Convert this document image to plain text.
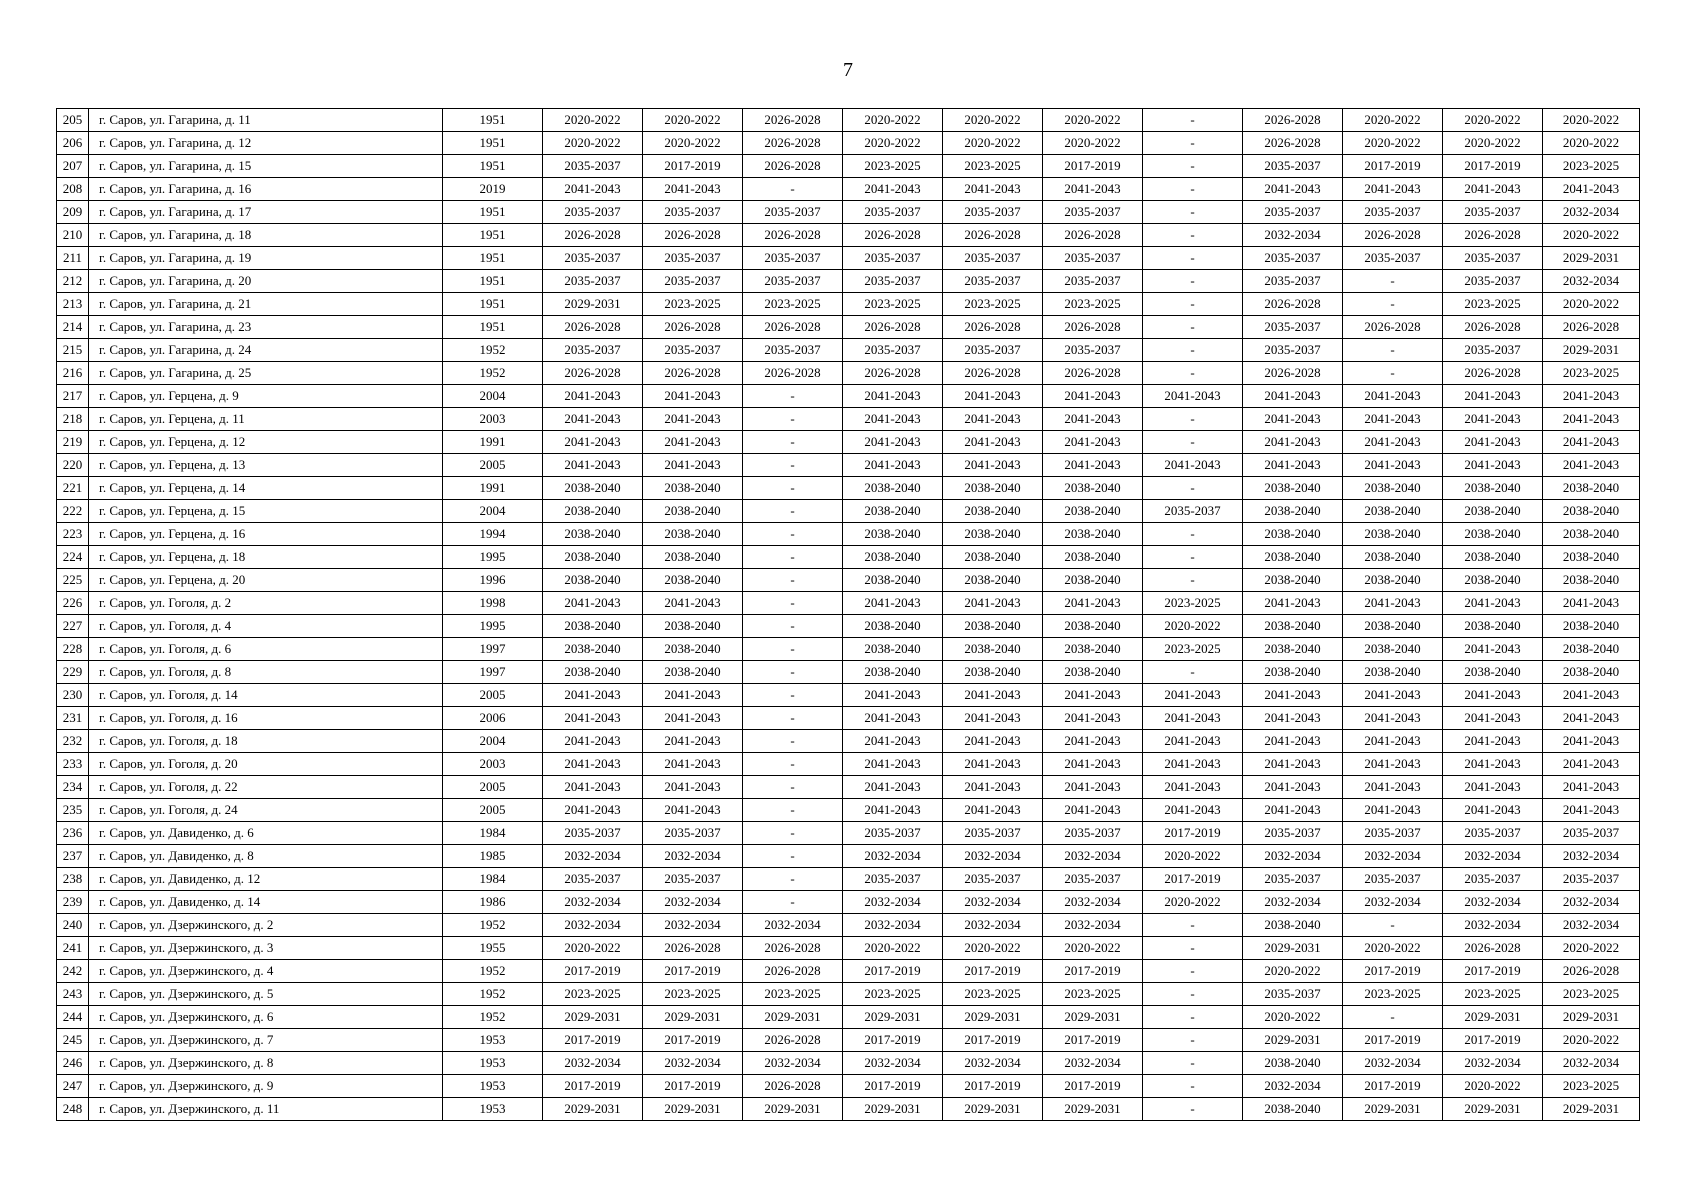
7
205	г. Саров, ул. Гагарина, д. 11	1951	2020-2022	2020-2022	2026-2028	2020-2022	2020-2022	2020-2022	-	2026-2028	2020-2022	2020-2022	2020-2022
206	г. Саров, ул. Гагарина, д. 12	1951	2020-2022	2020-2022	2026-2028	2020-2022	2020-2022	2020-2022	-	2026-2028	2020-2022	2020-2022	2020-2022
207	г. Саров, ул. Гагарина, д. 15	1951	2035-2037	2017-2019	2026-2028	2023-2025	2023-2025	2017-2019	-	2035-2037	2017-2019	2017-2019	2023-2025
208	г. Саров, ул. Гагарина, д. 16	2019	2041-2043	2041-2043	-	2041-2043	2041-2043	2041-2043	-	2041-2043	2041-2043	2041-2043	2041-2043
209	г. Саров, ул. Гагарина, д. 17	1951	2035-2037	2035-2037	2035-2037	2035-2037	2035-2037	2035-2037	-	2035-2037	2035-2037	2035-2037	2032-2034
210	г. Саров, ул. Гагарина, д. 18	1951	2026-2028	2026-2028	2026-2028	2026-2028	2026-2028	2026-2028	-	2032-2034	2026-2028	2026-2028	2020-2022
211	г. Саров, ул. Гагарина, д. 19	1951	2035-2037	2035-2037	2035-2037	2035-2037	2035-2037	2035-2037	-	2035-2037	2035-2037	2035-2037	2029-2031
212	г. Саров, ул. Гагарина, д. 20	1951	2035-2037	2035-2037	2035-2037	2035-2037	2035-2037	2035-2037	-	2035-2037	-	2035-2037	2032-2034
213	г. Саров, ул. Гагарина, д. 21	1951	2029-2031	2023-2025	2023-2025	2023-2025	2023-2025	2023-2025	-	2026-2028	-	2023-2025	2020-2022
214	г. Саров, ул. Гагарина, д. 23	1951	2026-2028	2026-2028	2026-2028	2026-2028	2026-2028	2026-2028	-	2035-2037	2026-2028	2026-2028	2026-2028
215	г. Саров, ул. Гагарина, д. 24	1952	2035-2037	2035-2037	2035-2037	2035-2037	2035-2037	2035-2037	-	2035-2037	-	2035-2037	2029-2031
216	г. Саров, ул. Гагарина, д. 25	1952	2026-2028	2026-2028	2026-2028	2026-2028	2026-2028	2026-2028	-	2026-2028	-	2026-2028	2023-2025
217	г. Саров, ул. Герцена, д. 9	2004	2041-2043	2041-2043	-	2041-2043	2041-2043	2041-2043	2041-2043	2041-2043	2041-2043	2041-2043	2041-2043
218	г. Саров, ул. Герцена, д. 11	2003	2041-2043	2041-2043	-	2041-2043	2041-2043	2041-2043	-	2041-2043	2041-2043	2041-2043	2041-2043
219	г. Саров, ул. Герцена, д. 12	1991	2041-2043	2041-2043	-	2041-2043	2041-2043	2041-2043	-	2041-2043	2041-2043	2041-2043	2041-2043
220	г. Саров, ул. Герцена, д. 13	2005	2041-2043	2041-2043	-	2041-2043	2041-2043	2041-2043	2041-2043	2041-2043	2041-2043	2041-2043	2041-2043
221	г. Саров, ул. Герцена, д. 14	1991	2038-2040	2038-2040	-	2038-2040	2038-2040	2038-2040	-	2038-2040	2038-2040	2038-2040	2038-2040
222	г. Саров, ул. Герцена, д. 15	2004	2038-2040	2038-2040	-	2038-2040	2038-2040	2038-2040	2035-2037	2038-2040	2038-2040	2038-2040	2038-2040
223	г. Саров, ул. Герцена, д. 16	1994	2038-2040	2038-2040	-	2038-2040	2038-2040	2038-2040	-	2038-2040	2038-2040	2038-2040	2038-2040
224	г. Саров, ул. Герцена, д. 18	1995	2038-2040	2038-2040	-	2038-2040	2038-2040	2038-2040	-	2038-2040	2038-2040	2038-2040	2038-2040
225	г. Саров, ул. Герцена, д. 20	1996	2038-2040	2038-2040	-	2038-2040	2038-2040	2038-2040	-	2038-2040	2038-2040	2038-2040	2038-2040
226	г. Саров, ул. Гоголя, д. 2	1998	2041-2043	2041-2043	-	2041-2043	2041-2043	2041-2043	2023-2025	2041-2043	2041-2043	2041-2043	2041-2043
227	г. Саров, ул. Гоголя, д. 4	1995	2038-2040	2038-2040	-	2038-2040	2038-2040	2038-2040	2020-2022	2038-2040	2038-2040	2038-2040	2038-2040
228	г. Саров, ул. Гоголя, д. 6	1997	2038-2040	2038-2040	-	2038-2040	2038-2040	2038-2040	2023-2025	2038-2040	2038-2040	2041-2043	2038-2040
229	г. Саров, ул. Гоголя, д. 8	1997	2038-2040	2038-2040	-	2038-2040	2038-2040	2038-2040	-	2038-2040	2038-2040	2038-2040	2038-2040
230	г. Саров, ул. Гоголя, д. 14	2005	2041-2043	2041-2043	-	2041-2043	2041-2043	2041-2043	2041-2043	2041-2043	2041-2043	2041-2043	2041-2043
231	г. Саров, ул. Гоголя, д. 16	2006	2041-2043	2041-2043	-	2041-2043	2041-2043	2041-2043	2041-2043	2041-2043	2041-2043	2041-2043	2041-2043
232	г. Саров, ул. Гоголя, д. 18	2004	2041-2043	2041-2043	-	2041-2043	2041-2043	2041-2043	2041-2043	2041-2043	2041-2043	2041-2043	2041-2043
233	г. Саров, ул. Гоголя, д. 20	2003	2041-2043	2041-2043	-	2041-2043	2041-2043	2041-2043	2041-2043	2041-2043	2041-2043	2041-2043	2041-2043
234	г. Саров, ул. Гоголя, д. 22	2005	2041-2043	2041-2043	-	2041-2043	2041-2043	2041-2043	2041-2043	2041-2043	2041-2043	2041-2043	2041-2043
235	г. Саров, ул. Гоголя, д. 24	2005	2041-2043	2041-2043	-	2041-2043	2041-2043	2041-2043	2041-2043	2041-2043	2041-2043	2041-2043	2041-2043
236	г. Саров, ул. Давиденко, д. 6	1984	2035-2037	2035-2037	-	2035-2037	2035-2037	2035-2037	2017-2019	2035-2037	2035-2037	2035-2037	2035-2037
237	г. Саров, ул. Давиденко, д. 8	1985	2032-2034	2032-2034	-	2032-2034	2032-2034	2032-2034	2020-2022	2032-2034	2032-2034	2032-2034	2032-2034
238	г. Саров, ул. Давиденко, д. 12	1984	2035-2037	2035-2037	-	2035-2037	2035-2037	2035-2037	2017-2019	2035-2037	2035-2037	2035-2037	2035-2037
239	г. Саров, ул. Давиденко, д. 14	1986	2032-2034	2032-2034	-	2032-2034	2032-2034	2032-2034	2020-2022	2032-2034	2032-2034	2032-2034	2032-2034
240	г. Саров, ул. Дзержинского, д. 2	1952	2032-2034	2032-2034	2032-2034	2032-2034	2032-2034	2032-2034	-	2038-2040	-	2032-2034	2032-2034
241	г. Саров, ул. Дзержинского, д. 3	1955	2020-2022	2026-2028	2026-2028	2020-2022	2020-2022	2020-2022	-	2029-2031	2020-2022	2026-2028	2020-2022
242	г. Саров, ул. Дзержинского, д. 4	1952	2017-2019	2017-2019	2026-2028	2017-2019	2017-2019	2017-2019	-	2020-2022	2017-2019	2017-2019	2026-2028
243	г. Саров, ул. Дзержинского, д. 5	1952	2023-2025	2023-2025	2023-2025	2023-2025	2023-2025	2023-2025	-	2035-2037	2023-2025	2023-2025	2023-2025
244	г. Саров, ул. Дзержинского, д. 6	1952	2029-2031	2029-2031	2029-2031	2029-2031	2029-2031	2029-2031	-	2020-2022	-	2029-2031	2029-2031
245	г. Саров, ул. Дзержинского, д. 7	1953	2017-2019	2017-2019	2026-2028	2017-2019	2017-2019	2017-2019	-	2029-2031	2017-2019	2017-2019	2020-2022
246	г. Саров, ул. Дзержинского, д. 8	1953	2032-2034	2032-2034	2032-2034	2032-2034	2032-2034	2032-2034	-	2038-2040	2032-2034	2032-2034	2032-2034
247	г. Саров, ул. Дзержинского, д. 9	1953	2017-2019	2017-2019	2026-2028	2017-2019	2017-2019	2017-2019	-	2032-2034	2017-2019	2020-2022	2023-2025
248	г. Саров, ул. Дзержинского, д. 11	1953	2029-2031	2029-2031	2029-2031	2029-2031	2029-2031	2029-2031	-	2038-2040	2029-2031	2029-2031	2029-2031
